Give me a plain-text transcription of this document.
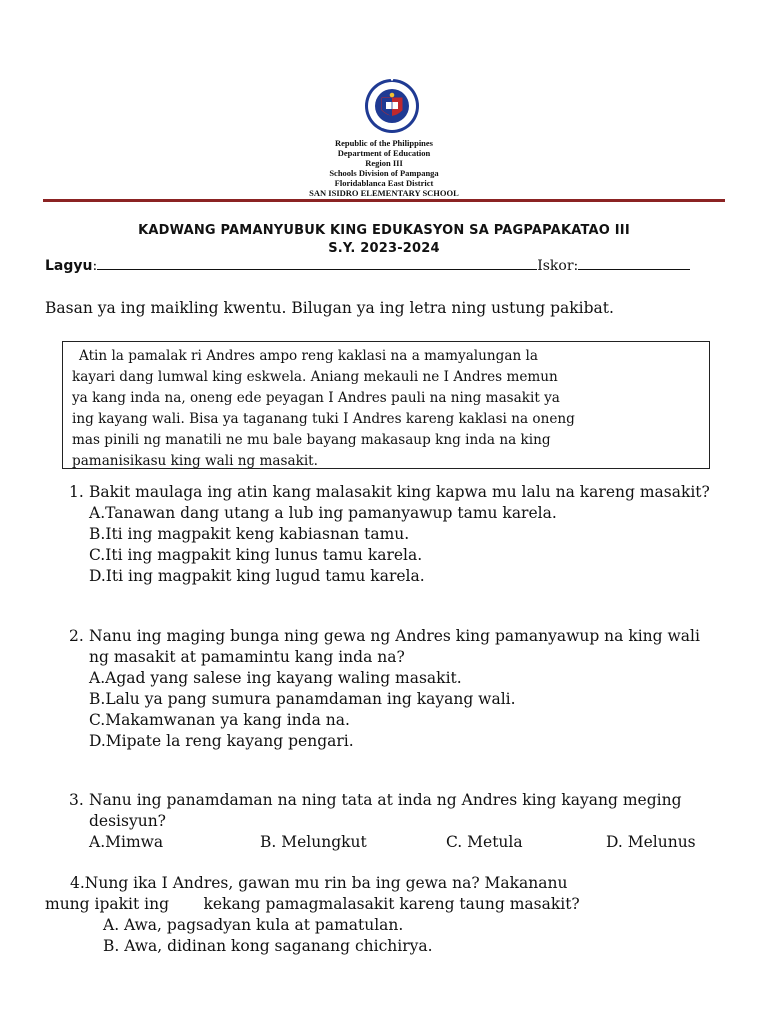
Republic of the Philippines
Department of Education
Region III
Schools Division of Pampanga
Floridablanca East District
SAN ISIDRO ELEMENTARY SCHOOL
KADWANG PAMANYUBUK KING EDUKASYON SA PAGPAPAKATAO III
S.Y. 2023-2024
Lagyu:	Iskor:
Basan ya ing maikling kwentu. Bilugan ya ing letra ning ustung pakibat.

Atin la pamalak ri Andres ampo reng kaklasi na a mamyalungan la

kayari dang lumwal king eskwela. Aniang mekauli ne I Andres memun
ya kang inda na, oneng ede peyagan I Andres pauli na ning masakit ya
ing kayang wali. Bisa ya taganang tuki I Andres kareng kaklasi na oneng
mas pinili ng manatili ne mu bale bayang makasaup kng inda na king
pamanisikasu king wali ng masakit.
1. Bakit maulaga ing atin kang malasakit king kapwa mu lalu na kareng masakit?
A.Tanawan dang utang a lub ing pamanyawup tamu karela.
B.Iti ing magpakit keng kabiasnan tamu.
C.Iti ing magpakit king lunus tamu karela.
D.Iti ing magpakit king lugud tamu karela.
2. Nanu ing maging bunga ning gewa ng Andres king pamanyawup na king wali ng masakit at pamamintu kang inda na?
A.Agad yang salese ing kayang waling masakit.
B.Lalu ya pang sumura panamdaman ing kayang wali.
C.Makamwanan ya kang inda na.
D.Mipate la reng kayang pengari.
3. Nanu ing panamdaman na ning tata at inda ng Andres king kayang meging desisyun?
A.Mimwa	B. Melungkut	C. Metula	D. Melunus
4.Nung ika I Andres, gawan mu rin ba ing gewa na? Makananu
mung ipakit ing       kekang pamagmalasakit kareng taung masakit?
A. Awa, pagsadyan kula at pamatulan.
B. Awa, didinan kong saganang chichirya.
